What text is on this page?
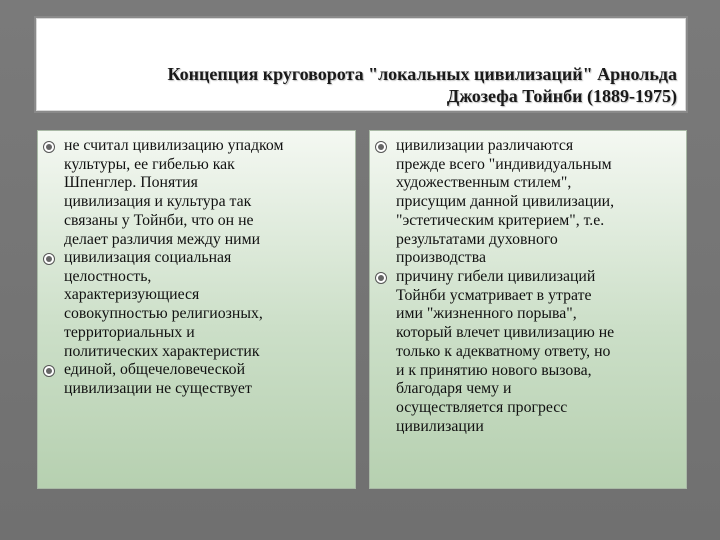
Концепция круговорота "локальных цивилизаций" Арнольда
Джозефа Тойнби (1889-1975)
не считал цивилизацию упадком
культуры, ее гибелью как
Шпенглер. Понятия
цивилизация и культура так
связаны у Тойнби, что он не
делает различия между ними
цивилизация социальная
целостность,
характеризующиеся
совокупностью религиозных,
территориальных и
политических характеристик
единой, общечеловеческой
цивилизации не существует
цивилизации различаются
прежде всего "индивидуальным
художественным стилем",
присущим данной цивилизации,
"эстетическим критерием", т.е.
результатами духовного
производства
причину гибели цивилизаций
Тойнби усматривает в утрате
ими "жизненного порыва",
который влечет цивилизацию не
только к адекватному ответу, но
и к принятию нового вызова,
благодаря чему и
осуществляется прогресс
цивилизации
